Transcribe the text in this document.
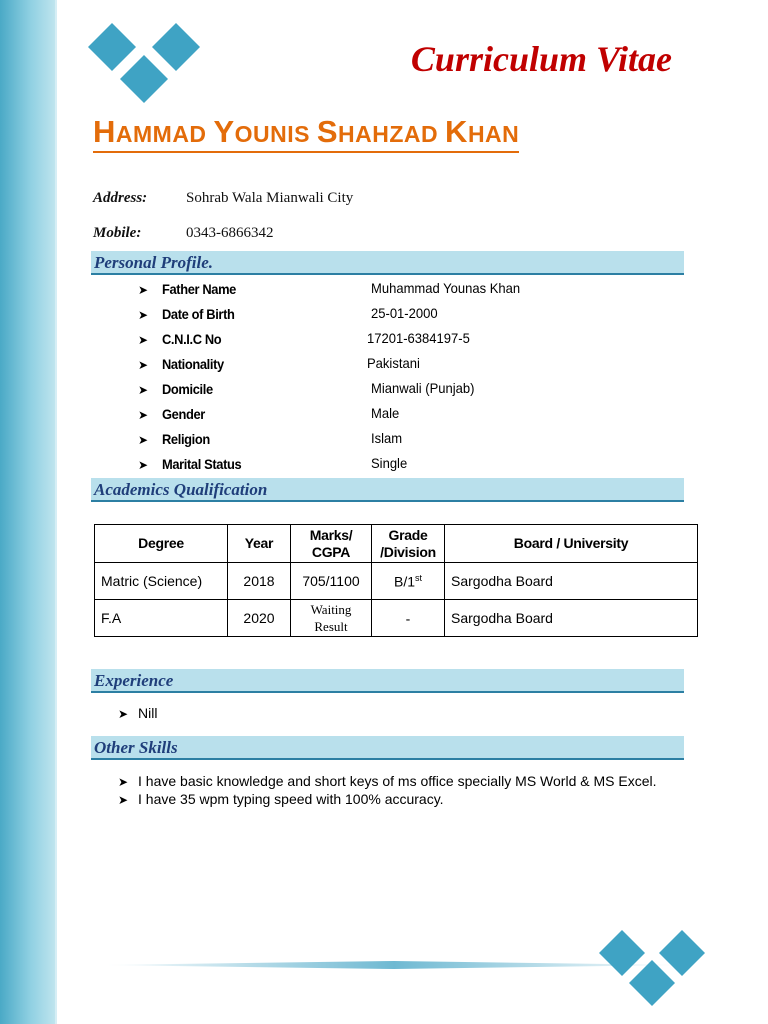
Curriculum Vitae
HAMMAD YOUNIS SHAHZAD KHAN
Address:	Sohrab Wala Mianwali City
Mobile:	0343-6866342
Personal Profile.
➤ Father Name	Muhammad Younas Khan
➤ Date of Birth	25-01-2000
➤ C.N.I.C No	17201-6384197-5
➤ Nationality	Pakistani
➤ Domicile	Mianwali (Punjab)
➤ Gender	Male
➤ Religion	Islam
➤ Marital Status	Single
Academics Qualification
Degree	Year	Marks/ CGPA	Grade /Division	Board / University
Matric (Science)	2018	705/1100	B/1st	Sargodha Board
F.A	2020	Waiting Result	-	Sargodha Board
Experience
➤ Nill
Other Skills
➤ I have basic knowledge and short keys of ms office specially MS World & MS Excel.
➤ I have 35 wpm typing speed with 100% accuracy.
